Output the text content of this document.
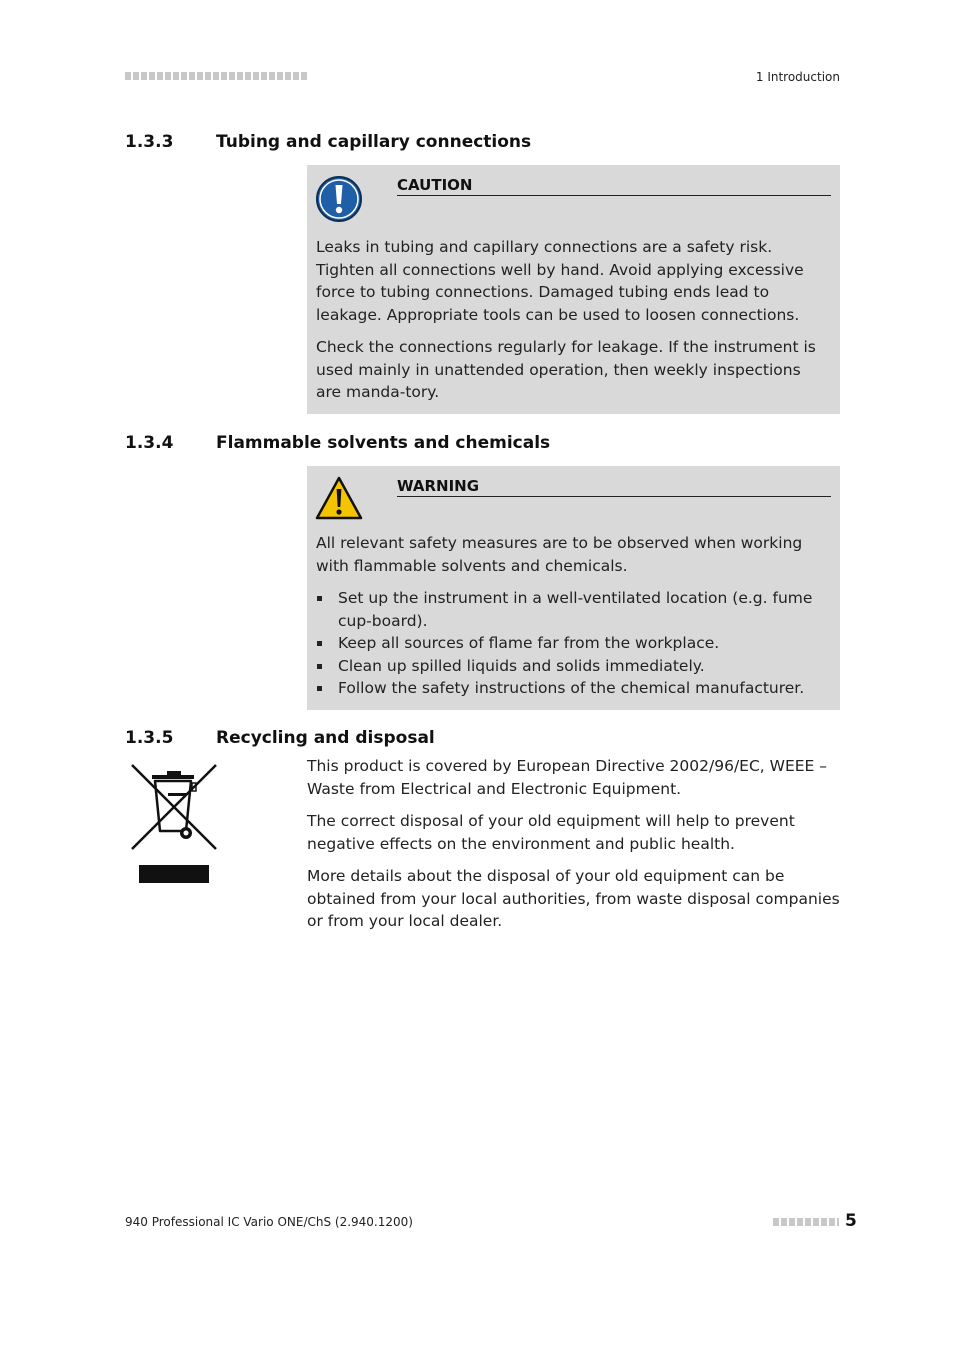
1 Introduction
1.3.3	Tubing and capillary connections
CAUTION

Leaks in tubing and capillary connections are a safety risk. Tighten all connections well by hand. Avoid applying excessive force to tubing connections. Damaged tubing ends lead to leakage. Appropriate tools can be used to loosen connections.

Check the connections regularly for leakage. If the instrument is used mainly in unattended operation, then weekly inspections are manda-tory.

1.3.4	Flammable solvents and chemicals
WARNING

All relevant safety measures are to be observed when working with flammable solvents and chemicals.

Set up the instrument in a well-ventilated location (e.g. fume cup-board).
Keep all sources of flame far from the workplace.
Clean up spilled liquids and solids immediately.
Follow the safety instructions of the chemical manufacturer.
1.3.5	Recycling and disposal

This product is covered by European Directive 2002/96/EC, WEEE – Waste from Electrical and Electronic Equipment.

The correct disposal of your old equipment will help to prevent negative effects on the environment and public health.

More details about the disposal of your old equipment can be obtained from your local authorities, from waste disposal companies or from your local dealer.

940 Professional IC Vario ONE/ChS (2.940.1200)	5
